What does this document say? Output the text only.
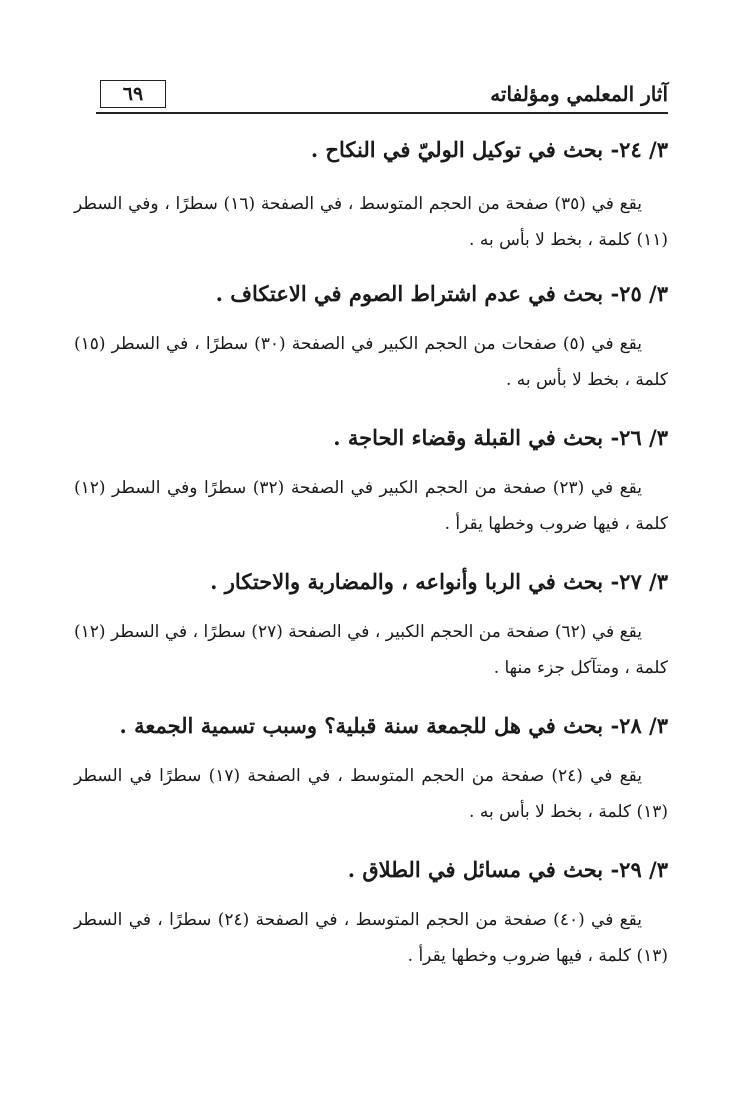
آثار المعلمي ومؤلفاته
٦٩
٣/ ٢٤- بحث في توكيل الوليّ في النكاح .

يقع في (٣٥) صفحة من الحجم المتوسط ، في الصفحة (١٦) سطرًا ، وفي السطر (١١) كلمة ، بخط لا بأس به .

٣/ ٢٥- بحث في عدم اشتراط الصوم في الاعتكاف .

يقع في (٥) صفحات من الحجم الكبير في الصفحة (٣٠) سطرًا ، في السطر (١٥) كلمة ، بخط لا بأس به .

٣/ ٢٦- بحث في القبلة وقضاء الحاجة .

يقع في (٢٣) صفحة من الحجم الكبير في الصفحة (٣٢) سطرًا وفي السطر (١٢) كلمة ، فيها ضروب وخطها يقرأ .

٣/ ٢٧- بحث في الربا وأنواعه ، والمضاربة والاحتكار .

يقع في (٦٢) صفحة من الحجم الكبير ، في الصفحة (٢٧) سطرًا ، في السطر (١٢) كلمة ، ومتآكل جزء منها .

٣/ ٢٨- بحث في هل للجمعة سنة قبلية؟ وسبب تسمية الجمعة .

يقع في (٢٤) صفحة من الحجم المتوسط ، في الصفحة (١٧) سطرًا في السطر (١٣) كلمة ، بخط لا بأس به .

٣/ ٢٩- بحث في مسائل في الطلاق .

يقع في (٤٠) صفحة من الحجم المتوسط ، في الصفحة (٢٤) سطرًا ، في السطر (١٣) كلمة ، فيها ضروب وخطها يقرأ .
